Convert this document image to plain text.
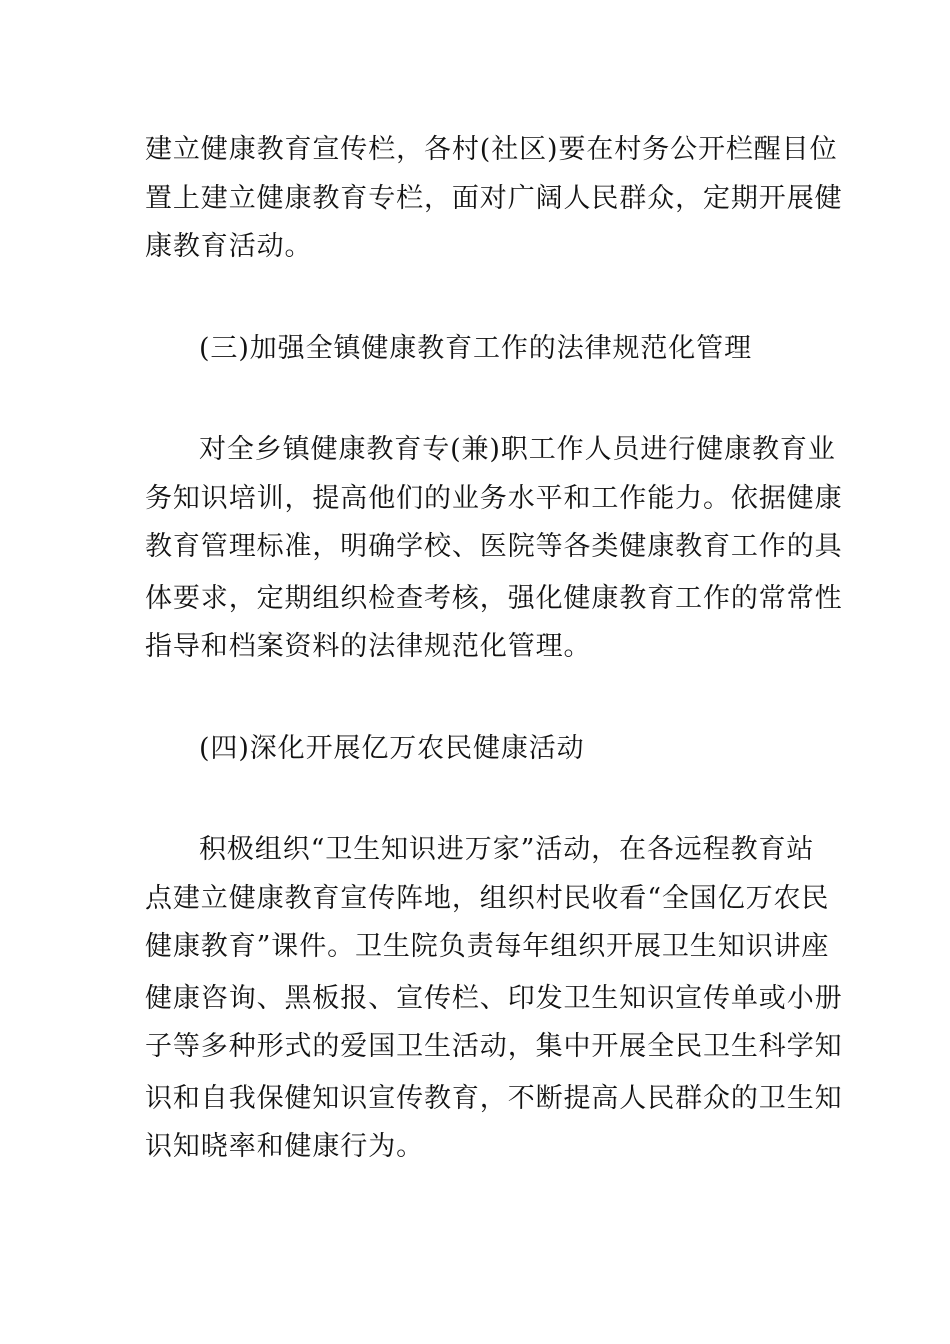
建立健康教育宣传栏，各村(社区)要在村务公开栏醒目位
置上建立健康教育专栏，面对广阔人民群众，定期开展健
康教育活动。
(三)加强全镇健康教育工作的法律规范化管理
对全乡镇健康教育专(兼)职工作人员进行健康教育业
务知识培训，提高他们的业务水平和工作能力。依据健康
教育管理标准，明确学校、医院等各类健康教育工作的具
体要求，定期组织检查考核，强化健康教育工作的常常性
指导和档案资料的法律规范化管理。
(四)深化开展亿万农民健康活动
积极组织“卫生知识进万家”活动，在各远程教育站
点建立健康教育宣传阵地，组织村民收看“全国亿万农民
健康教育”课件。卫生院负责每年组织开展卫生知识讲座
健康咨询、黑板报、宣传栏、印发卫生知识宣传单或小册
子等多种形式的爱国卫生活动，集中开展全民卫生科学知
识和自我保健知识宣传教育，不断提高人民群众的卫生知
识知晓率和健康行为。
